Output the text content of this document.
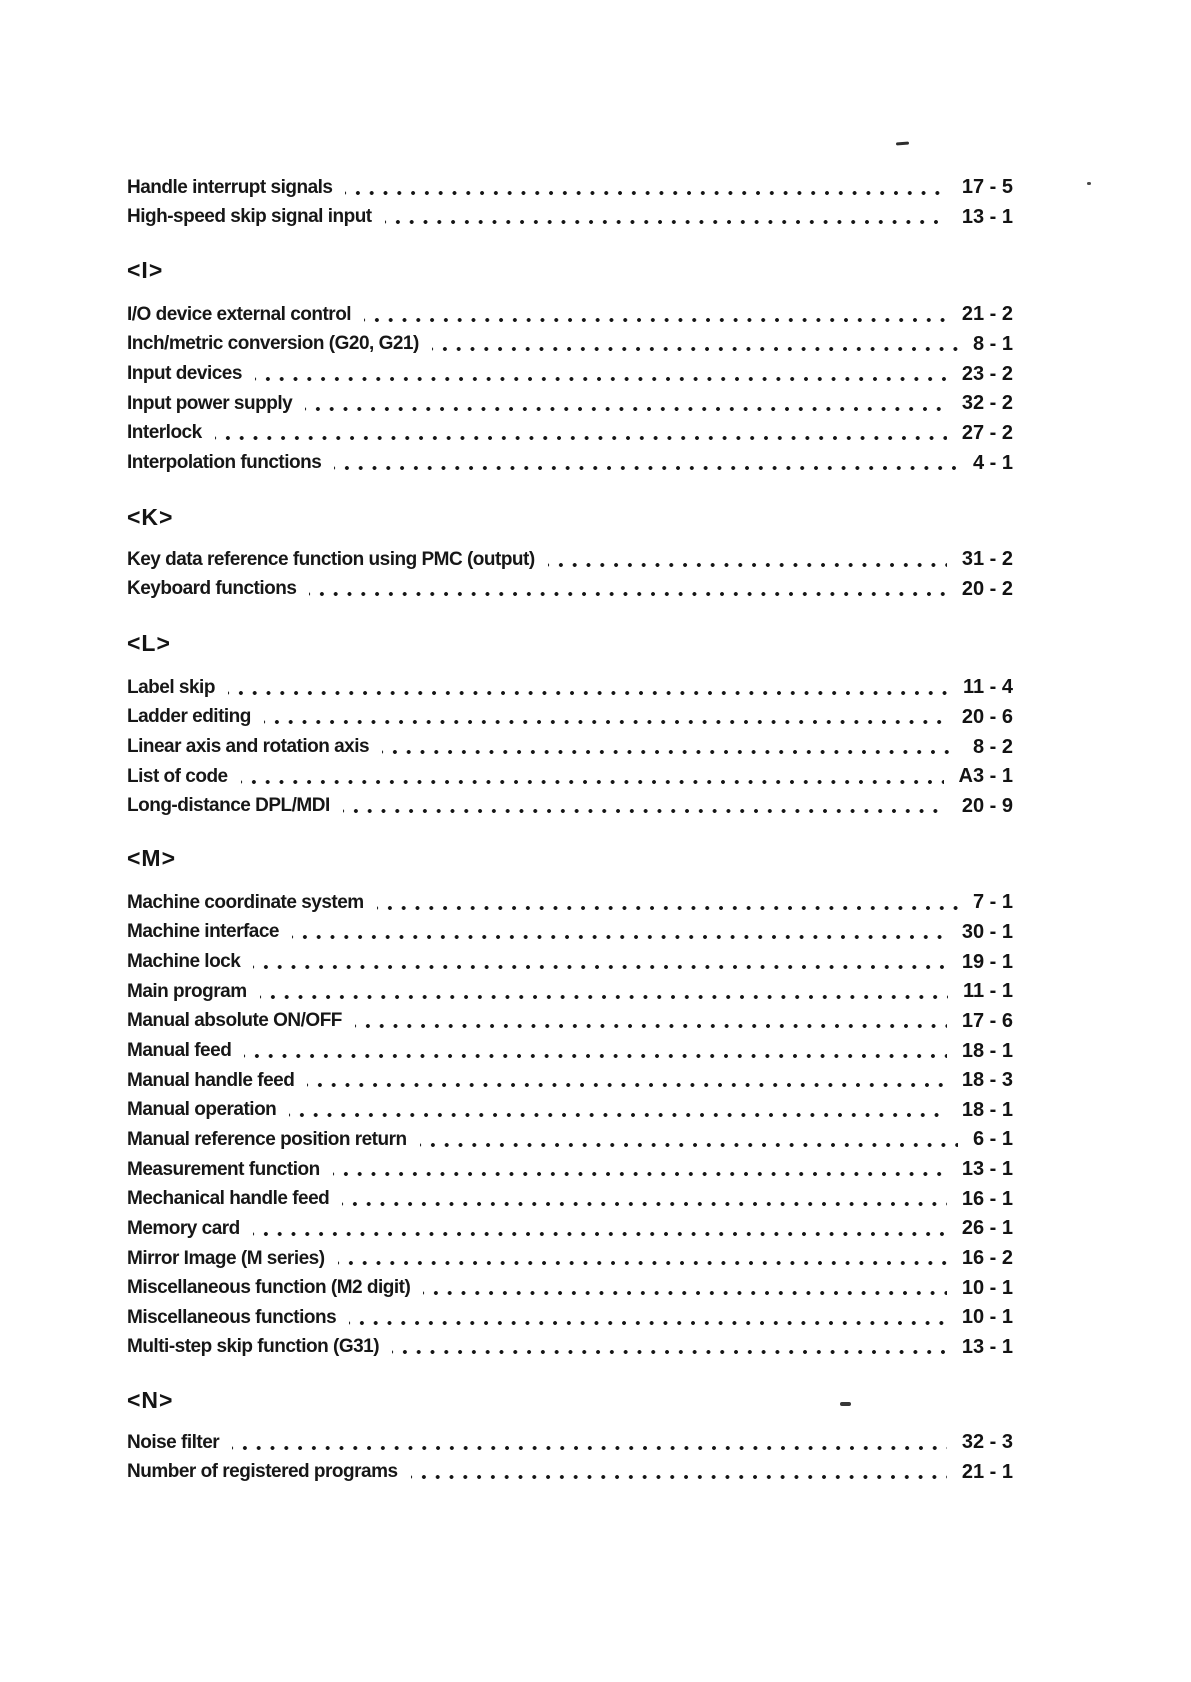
Handle interrupt signals	17 - 5
High-speed skip signal input	13 - 1
<I>
I/O device external control	21 - 2
Inch/metric conversion (G20, G21)	8 - 1
Input devices	23 - 2
Input power supply	32 - 2
Interlock	27 - 2
Interpolation functions	4 - 1
<K>
Key data reference function using PMC (output)	31 - 2
Keyboard functions	20 - 2
<L>
Label skip	11 - 4
Ladder editing	20 - 6
Linear axis and rotation axis	8 - 2
List of code	A3 - 1
Long-distance DPL/MDI	20 - 9
<M>
Machine coordinate system	7 - 1
Machine interface	30 - 1
Machine lock	19 - 1
Main program	11 - 1
Manual absolute ON/OFF	17 - 6
Manual feed	18 - 1
Manual handle feed	18 - 3
Manual operation	18 - 1
Manual reference position return	6 - 1
Measurement function	13 - 1
Mechanical handle feed	16 - 1
Memory card	26 - 1
Mirror Image (M series)	16 - 2
Miscellaneous function (M2 digit)	10 - 1
Miscellaneous functions	10 - 1
Multi-step skip function (G31)	13 - 1
<N>
Noise filter	32 - 3
Number of registered programs	21 - 1
